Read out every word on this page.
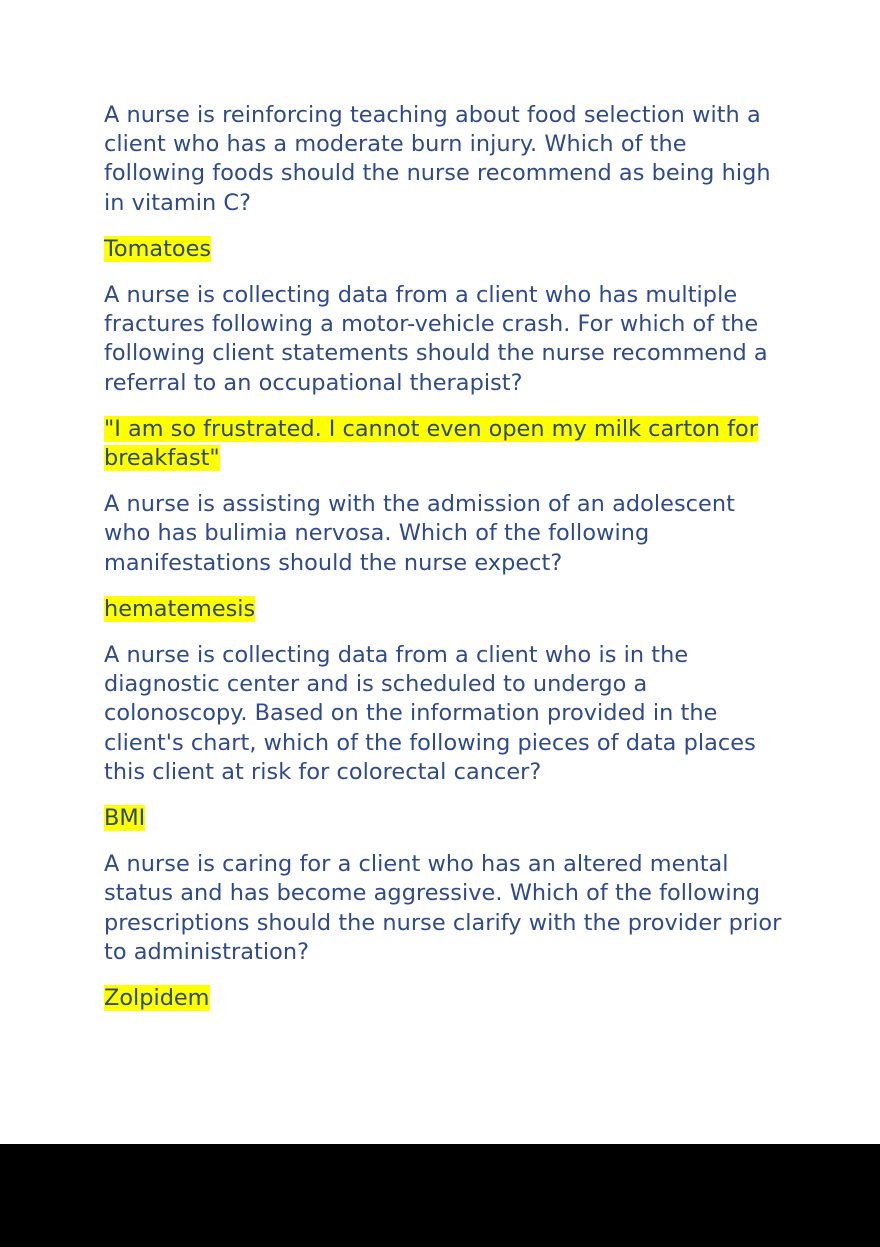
A nurse is reinforcing teaching about food selection with a client who has a moderate burn injury. Which of the following foods should the nurse recommend as being high in vitamin C?

Tomatoes

A nurse is collecting data from a client who has multiple fractures following a motor-vehicle crash. For which of the following client statements should the nurse recommend a referral to an occupational therapist?

"I am so frustrated. I cannot even open my milk carton for breakfast"

A nurse is assisting with the admission of an adolescent who has bulimia nervosa. Which of the following manifestations should the nurse expect?

hematemesis

A nurse is collecting data from a client who is in the diagnostic center and is scheduled to undergo a colonoscopy. Based on the information provided in the client's chart, which of the following pieces of data places this client at risk for colorectal cancer?

BMI

A nurse is caring for a client who has an altered mental status and has become aggressive. Which of the following prescriptions should the nurse clarify with the provider prior to administration?

Zolpidem
